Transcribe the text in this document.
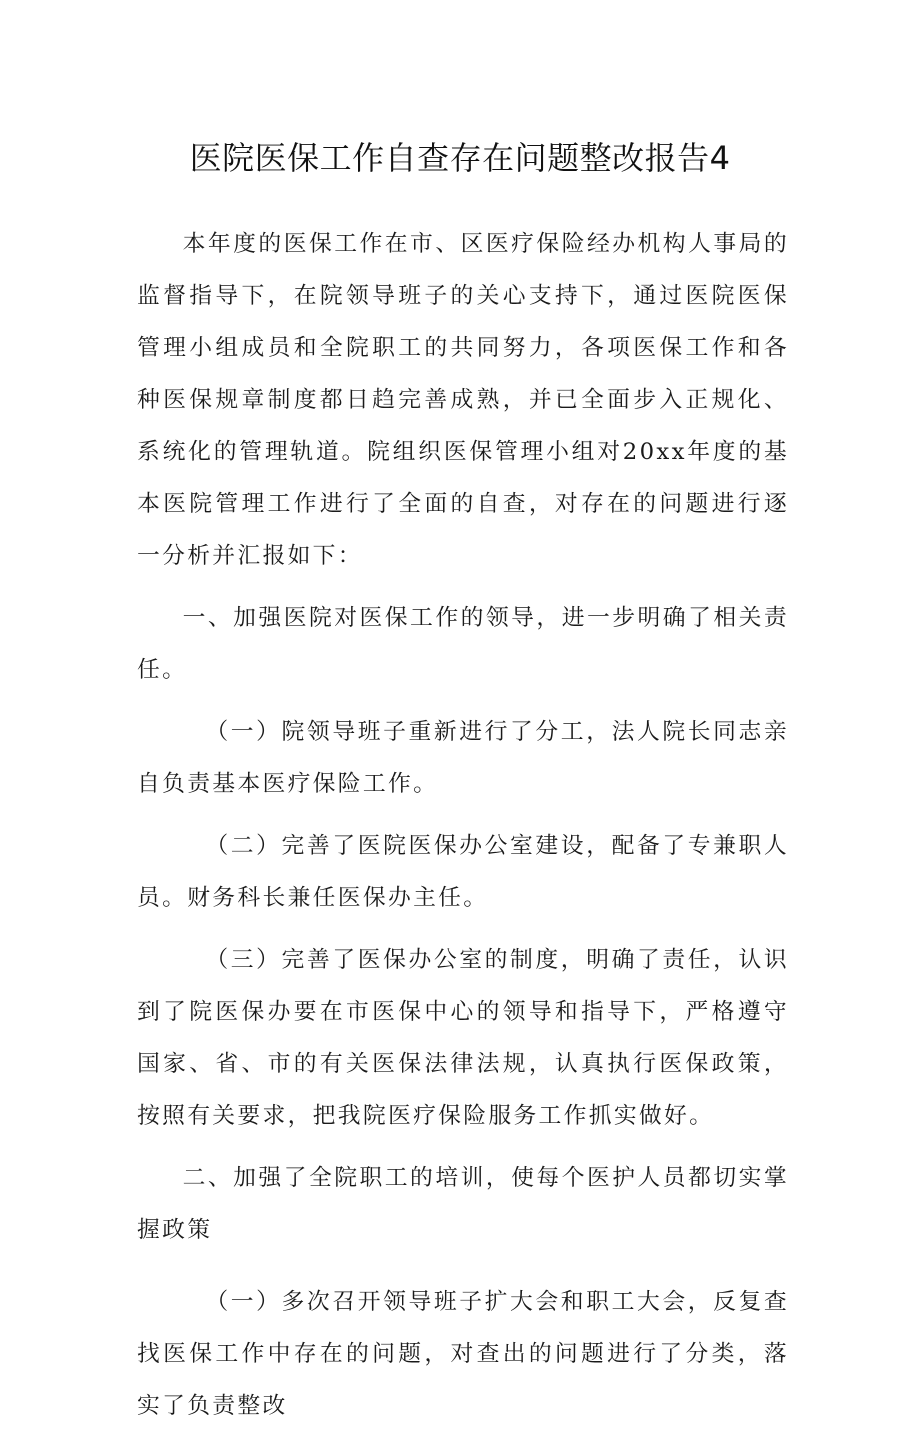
医院医保工作自查存在问题整改报告4

本年度的医保工作在市、区医疗保险经办机构人事局的监督指导下，在院领导班子的关心支持下，通过医院医保管理小组成员和全院职工的共同努力，各项医保工作和各种医保规章制度都日趋完善成熟，并已全面步入正规化、系统化的管理轨道。院组织医保管理小组对20xx年度的基本医院管理工作进行了全面的自查，对存在的问题进行逐一分析并汇报如下：

一、加强医院对医保工作的领导，进一步明确了相关责任。

（一）院领导班子重新进行了分工，法人院长同志亲自负责基本医疗保险工作。

（二）完善了医院医保办公室建设，配备了专兼职人员。财务科长兼任医保办主任。

（三）完善了医保办公室的制度，明确了责任，认识到了院医保办要在市医保中心的领导和指导下，严格遵守国家、省、市的有关医保法律法规，认真执行医保政策，按照有关要求，把我院医疗保险服务工作抓实做好。

二、加强了全院职工的培训，使每个医护人员都切实掌握政策

（一）多次召开领导班子扩大会和职工大会，反复查找医保工作中存在的问题，对查出的问题进行了分类，落实了负责整改
